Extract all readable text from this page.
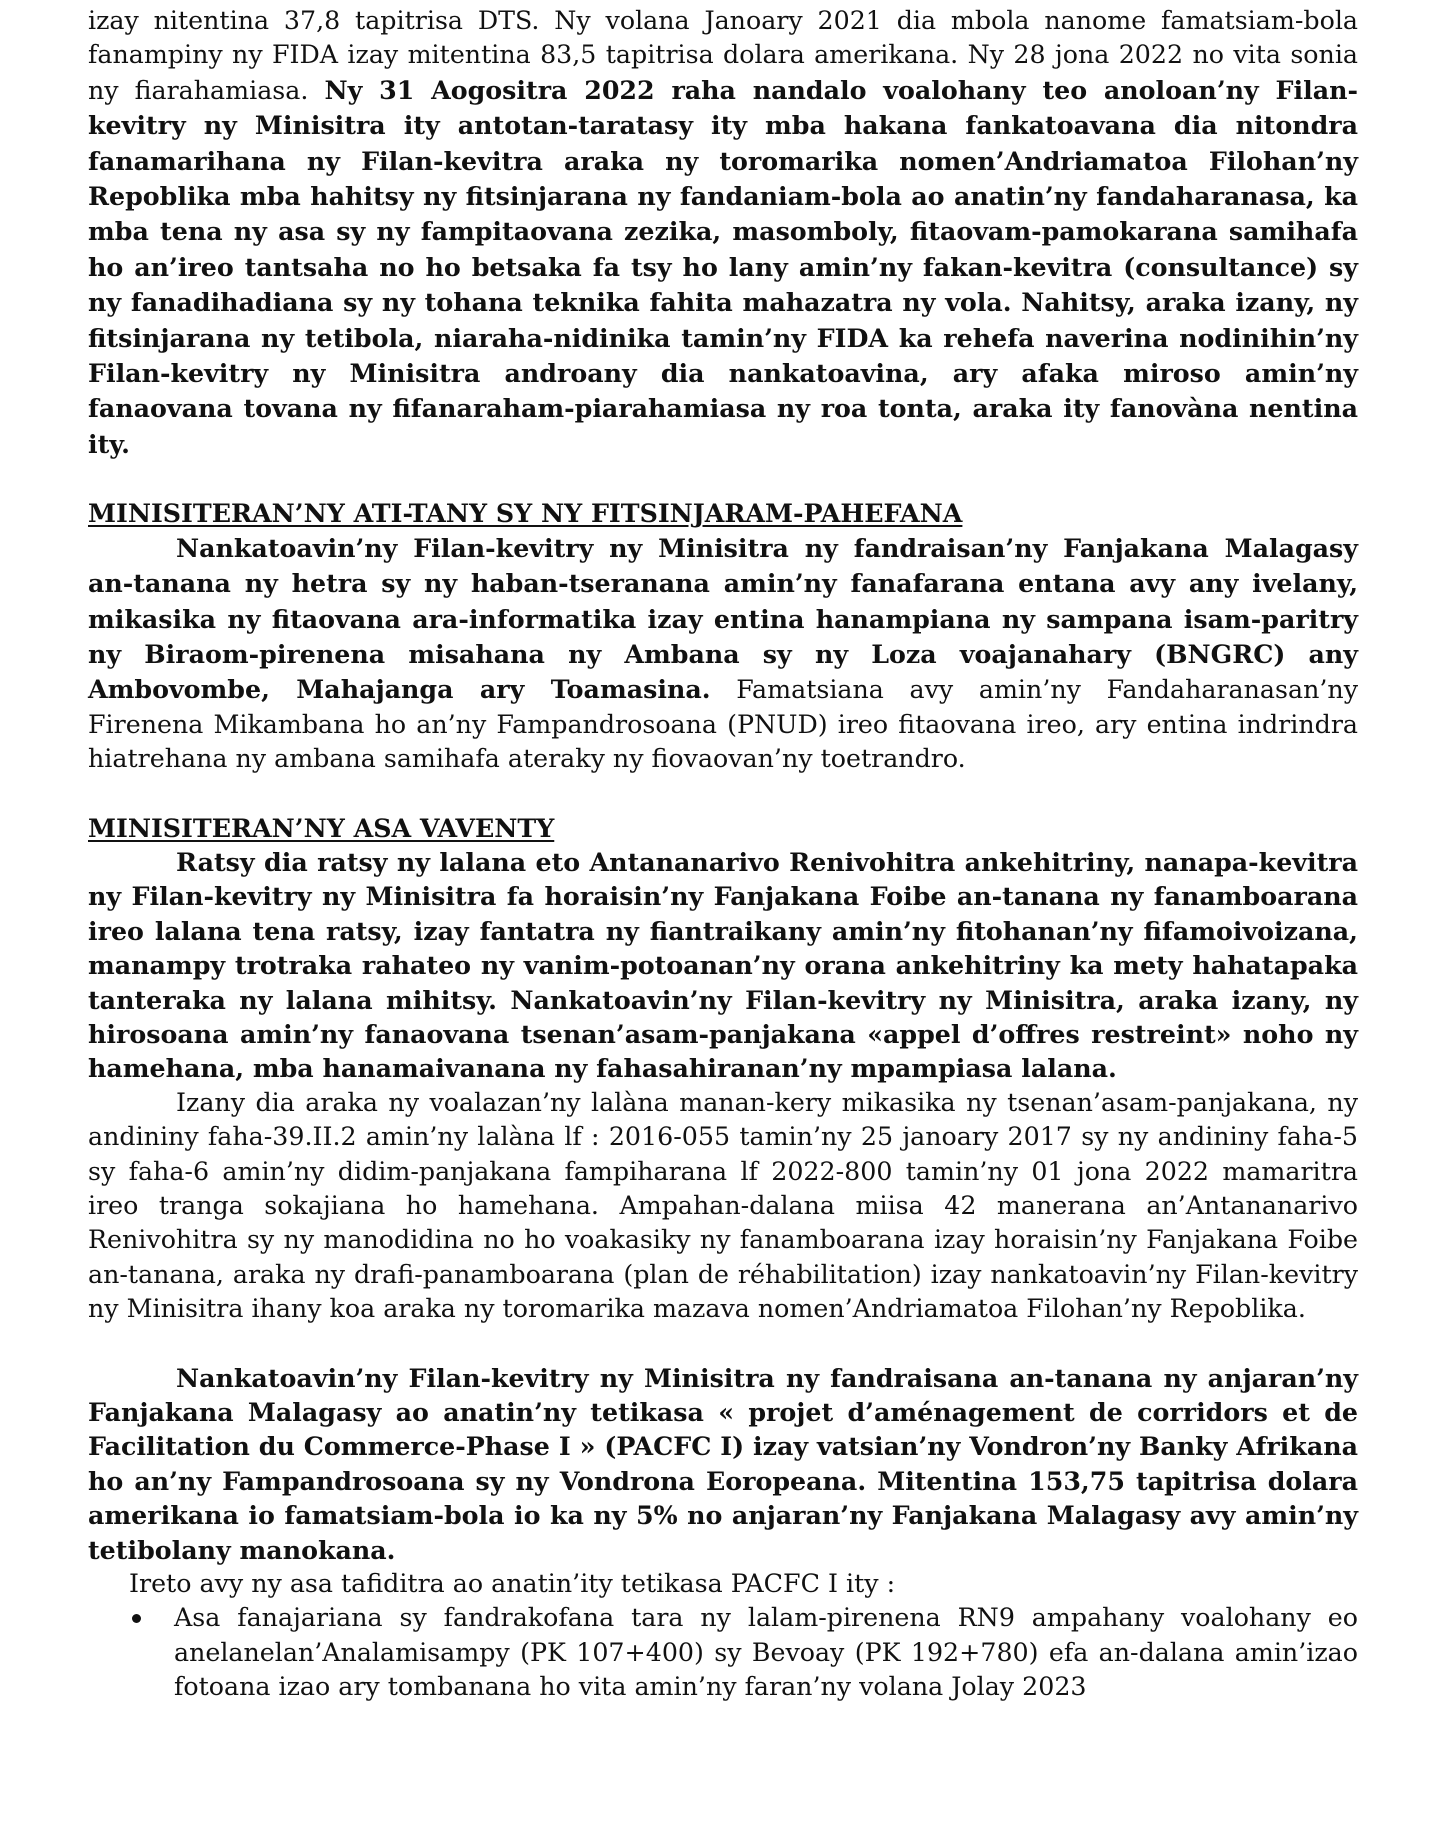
izay nitentina 37,8 tapitrisa DTS. Ny volana Janoary 2021 dia mbola nanome famatsiam-bola fanampiny ny FIDA izay mitentina 83,5 tapitrisa dolara amerikana. Ny 28 jona 2022 no vita sonia ny fiarahamiasa. Ny 31 Aogositra 2022 raha nandalo voalohany teo anoloan’ny Filan-kevitry ny Minisitra ity antotan-taratasy ity mba hakana fankatoavana dia nitondra fanamarihana ny Filan-kevitra araka ny toromarika nomen’Andriamatoa Filohan’ny Repoblika mba hahitsy ny fitsinjarana ny fandaniam-bola ao anatin’ny fandaharanasa, ka mba tena ny asa sy ny fampitaovana zezika, masomboly, fitaovam-pamokarana samihafa ho an’ireo tantsaha no ho betsaka fa tsy ho lany amin’ny fakan-kevitra (consultance) sy ny fanadihadiana sy ny tohana teknika fahita mahazatra ny vola. Nahitsy, araka izany, ny fitsinjarana ny tetibola, niaraha-nidinika tamin’ny FIDA ka rehefa naverina nodinihin’ny Filan-kevitry ny Minisitra androany dia nankatoavina, ary afaka miroso amin’ny fanaovana tovana ny fifanaraham-piarahamiasa ny roa tonta, araka ity fanovàna nentina ity.

MINISITERAN’NY ATI-TANY SY NY FITSINJARAM-PAHEFANA

Nankatoavin’ny Filan-kevitry ny Minisitra ny fandraisan’ny Fanjakana Malagasy an-tanana ny hetra sy ny haban-tseranana amin’ny fanafarana entana avy any ivelany, mikasika ny fitaovana ara-informatika izay entina hanampiana ny sampana isam-paritry ny Biraom-pirenena misahana ny Ambana sy ny Loza voajanahary (BNGRC) any Ambovombe, Mahajanga ary Toamasina. Famatsiana avy amin’ny Fandaharanasan’ny Firenena Mikambana ho an’ny Fampandrosoana (PNUD) ireo fitaovana ireo, ary entina indrindra hiatrehana ny ambana samihafa ateraky ny fiovaovan’ny toetrandro.

MINISITERAN’NY ASA VAVENTY

Ratsy dia ratsy ny lalana eto Antananarivo Renivohitra ankehitriny, nanapa-kevitra ny Filan-kevitry ny Minisitra fa horaisin’ny Fanjakana Foibe an-tanana ny fanamboarana ireo lalana tena ratsy, izay fantatra ny fiantraikany amin’ny fitohanan’ny fifamoivoizana, manampy trotraka rahateo ny vanim-potoanan’ny orana ankehitriny ka mety hahatapaka tanteraka ny lalana mihitsy. Nankatoavin’ny Filan-kevitry ny Minisitra, araka izany, ny hirosoana amin’ny fanaovana tsenan’asam-panjakana «appel d’offres restreint» noho ny hamehana, mba hanamaivanana ny fahasahiranan’ny mpampiasa lalana.

Izany dia araka ny voalazan’ny lalàna manan-kery mikasika ny tsenan’asam-panjakana, ny andininy faha-39.II.2 amin’ny lalàna lf : 2016-055 tamin’ny 25 janoary 2017 sy ny andininy faha-5 sy faha-6 amin’ny didim-panjakana fampiharana lf 2022-800 tamin’ny 01 jona 2022 mamaritra ireo tranga sokajiana ho hamehana. Ampahan-dalana miisa 42 manerana an’Antananarivo Renivohitra sy ny manodidina no ho voakasiky ny fanamboarana izay horaisin’ny Fanjakana Foibe an-tanana, araka ny drafi-panamboarana (plan de réhabilitation) izay nankatoavin’ny Filan-kevitry ny Minisitra ihany koa araka ny toromarika mazava nomen’Andriamatoa Filohan’ny Repoblika.

Nankatoavin’ny Filan-kevitry ny Minisitra ny fandraisana an-tanana ny anjaran’ny Fanjakana Malagasy ao anatin’ny tetikasa « projet d’aménagement de corridors et de Facilitation du Commerce-Phase I » (PACFC I) izay vatsian’ny Vondron’ny Banky Afrikana ho an’ny Fampandrosoana sy ny Vondrona Eoropeana. Mitentina 153,75 tapitrisa dolara amerikana io famatsiam-bola io ka ny 5% no anjaran’ny Fanjakana Malagasy avy amin’ny tetibolany manokana.

Ireto avy ny asa tafiditra ao anatin’ity tetikasa PACFC I ity :

Asa fanajariana sy fandrakofana tara ny lalam-pirenena RN9 ampahany voalohany eo anelanelan’Analamisampy (PK 107+400) sy Bevoay (PK 192+780) efa an-dalana amin’izao fotoana izao ary tombanana ho vita amin’ny faran’ny volana Jolay 2023
